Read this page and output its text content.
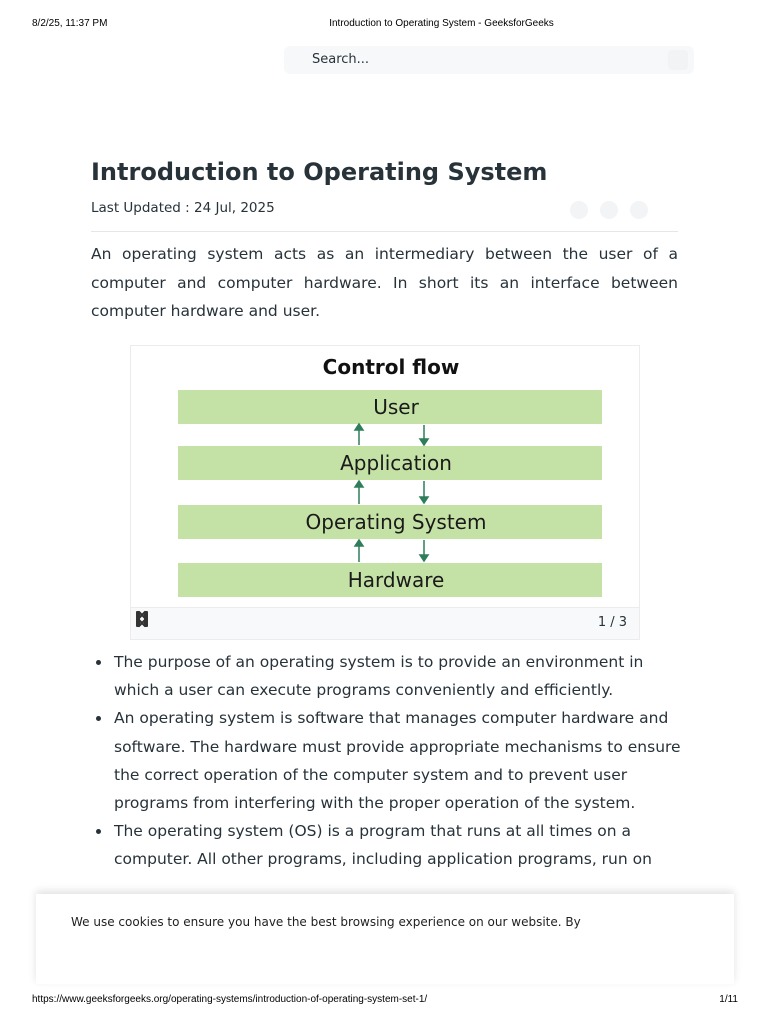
8/2/25, 11:37 PM	Introduction to Operating System - GeeksforGeeks
Search...
Introduction to Operating System
Last Updated : 24 Jul, 2025

An operating system acts as an intermediary between the user of a computer and computer hardware. In short its an interface between computer hardware and user.

Control flow
User
Application
Operating System
Hardware
1 / 3
The purpose of an operating system is to provide an environment in which a user can execute programs conveniently and efficiently.
An operating system is software that manages computer hardware and software. The hardware must provide appropriate mechanisms to ensure the correct operation of the computer system and to prevent user programs from interfering with the proper operation of the system.
The operating system (OS) is a program that runs at all times on a computer. All other programs, including application programs, run on
We use cookies to ensure you have the best browsing experience on our website. By
https://www.geeksforgeeks.org/operating-systems/introduction-of-operating-system-set-1/	1/11
